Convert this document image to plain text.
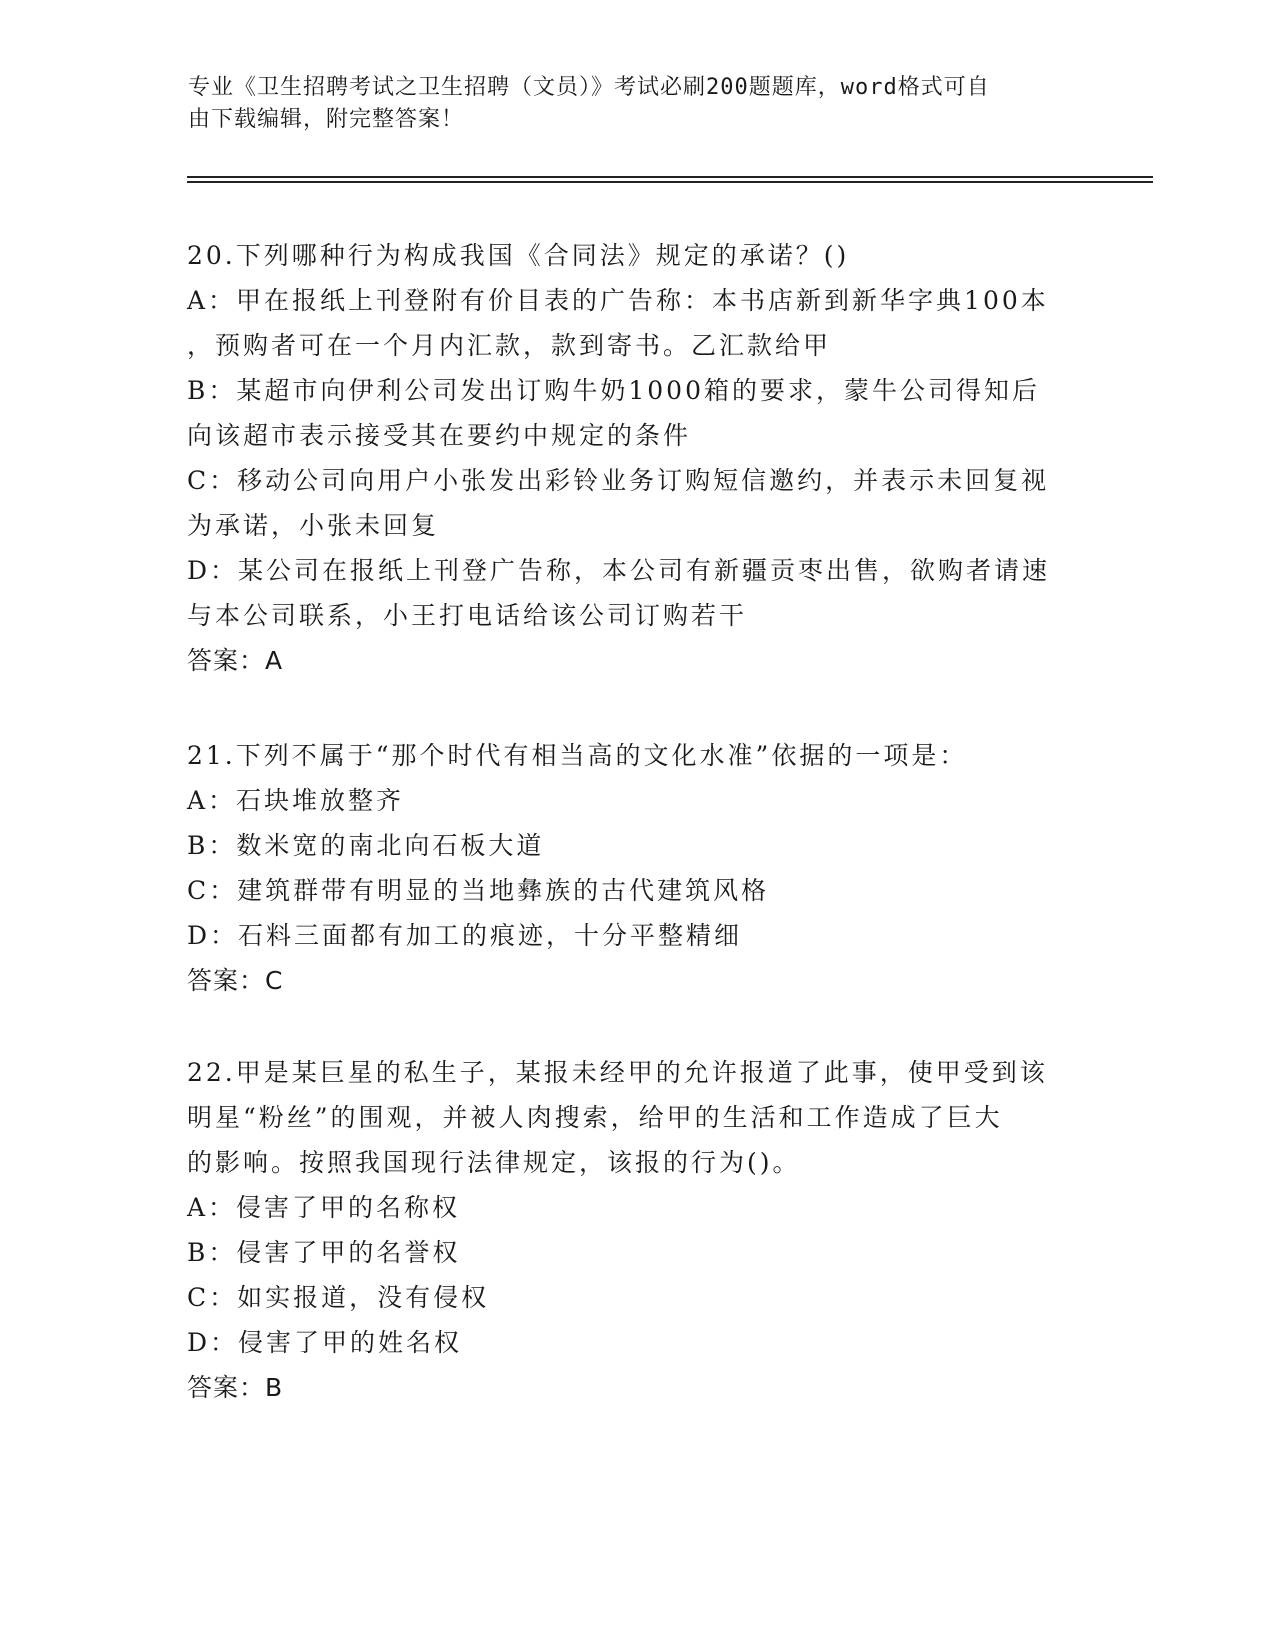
专业《卫生招聘考试之卫生招聘（文员）》考试必刷200题题库，word格式可自
由下载编辑，附完整答案！
20.下列哪种行为构成我国《合同法》规定的承诺？()
A：甲在报纸上刊登附有价目表的广告称：本书店新到新华字典100本
，预购者可在一个月内汇款，款到寄书。乙汇款给甲
B：某超市向伊利公司发出订购牛奶1000箱的要求，蒙牛公司得知后
向该超市表示接受其在要约中规定的条件
C：移动公司向用户小张发出彩铃业务订购短信邀约，并表示未回复视
为承诺，小张未回复
D：某公司在报纸上刊登广告称，本公司有新疆贡枣出售，欲购者请速
与本公司联系，小王打电话给该公司订购若干
答案：A
21.下列不属于“那个时代有相当高的文化水准”依据的一项是：
A：石块堆放整齐
B：数米宽的南北向石板大道
C：建筑群带有明显的当地彝族的古代建筑风格
D：石料三面都有加工的痕迹，十分平整精细
答案：C
22.甲是某巨星的私生子，某报未经甲的允许报道了此事，使甲受到该
明星“粉丝”的围观，并被人肉搜索，给甲的生活和工作造成了巨大
的影响。按照我国现行法律规定，该报的行为()。
A：侵害了甲的名称权
B：侵害了甲的名誉权
C：如实报道，没有侵权
D：侵害了甲的姓名权
答案：B
